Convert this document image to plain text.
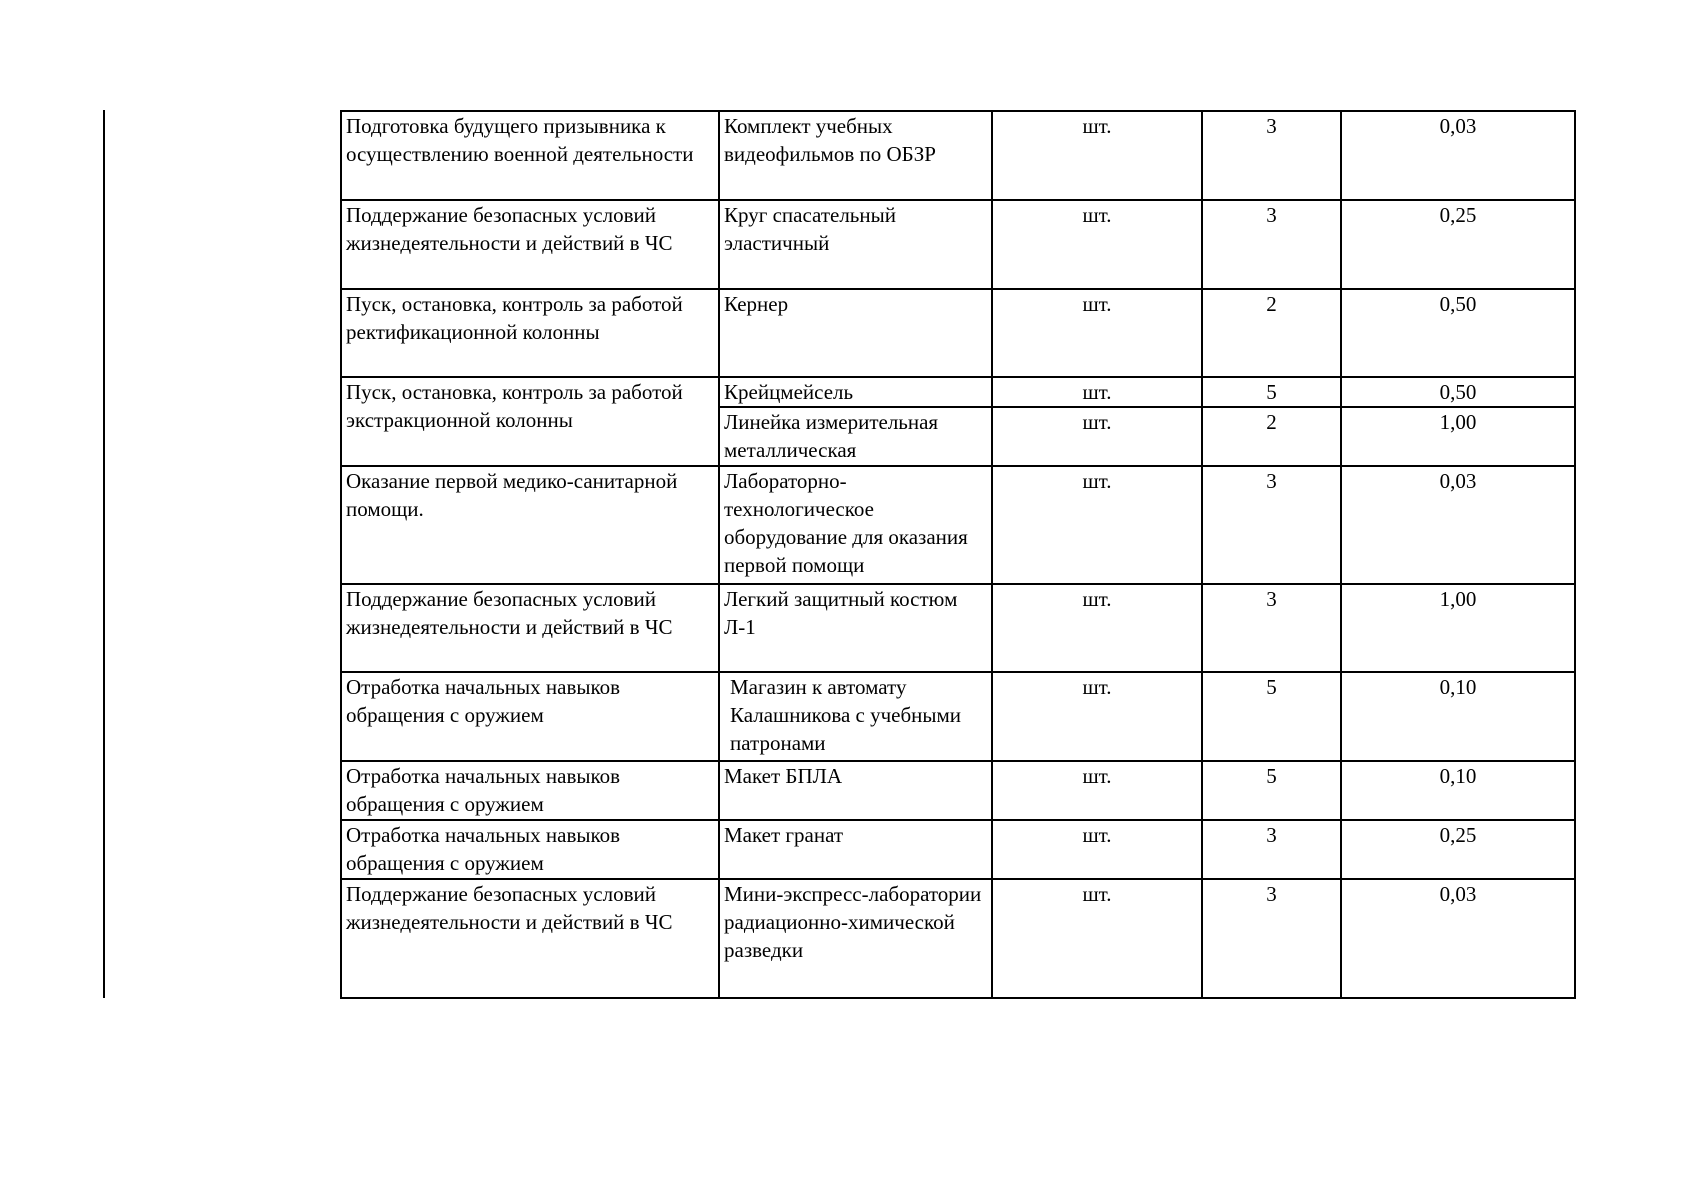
Подготовка будущего призывника к осуществлению военной деятельности	Комплект учебных видеофильмов по ОБЗР	шт.	3	0,03
Поддержание безопасных условий жизнедеятельности и действий в ЧС	Круг спасательный эластичный	шт.	3	0,25
Пуск, остановка, контроль за работой ректификационной колонны	Кернер	шт.	2	0,50
Пуск, остановка, контроль за работой экстракционной колонны	Крейцмейсель	шт.	5	0,50
	Линейка измерительная металлическая	шт.	2	1,00
Оказание первой медико-санитарной помощи.	Лабораторно-технологическое оборудование для оказания первой помощи	шт.	3	0,03
Поддержание безопасных условий жизнедеятельности и действий в ЧС	Легкий защитный костюм Л-1	шт.	3	1,00
Отработка начальных навыков обращения с оружием	Магазин к автомату Калашникова с учебными патронами	шт.	5	0,10
Отработка начальных навыков обращения с оружием	Макет БПЛА	шт.	5	0,10
Отработка начальных навыков обращения с оружием	Макет гранат	шт.	3	0,25
Поддержание безопасных условий жизнедеятельности и действий в ЧС	Мини-экспресс-лаборатории радиационно-химической разведки	шт.	3	0,03
